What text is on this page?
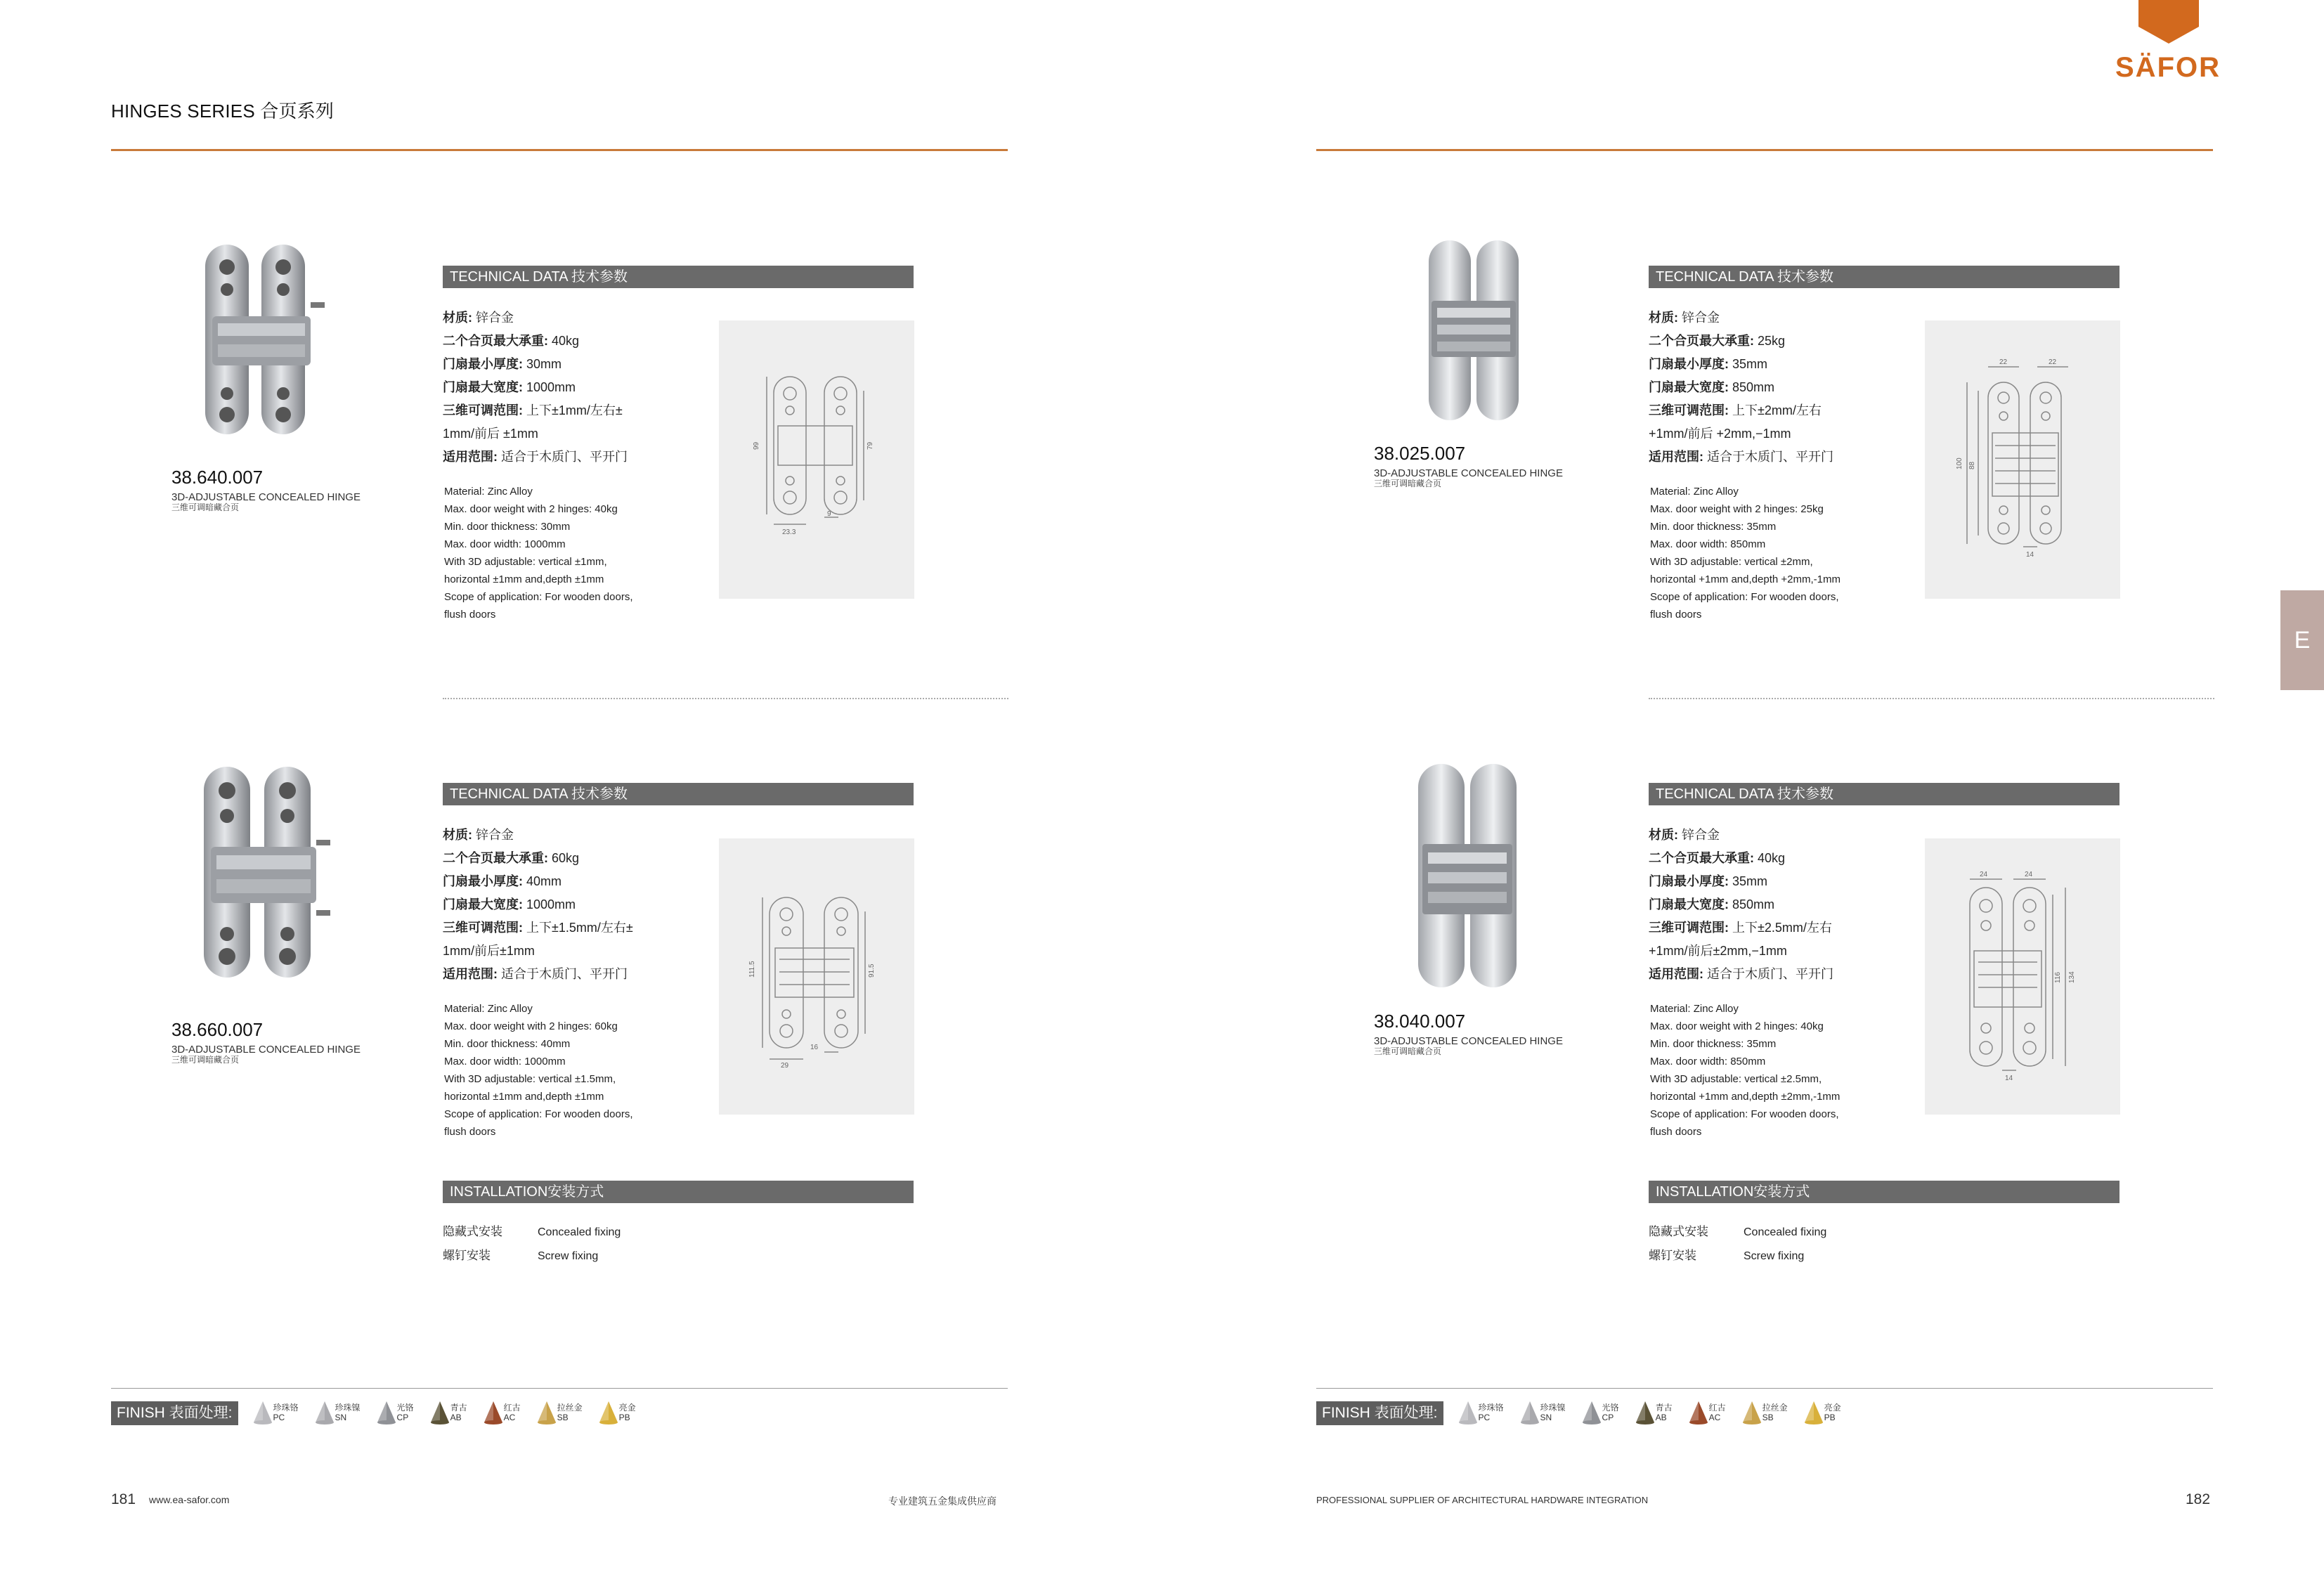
HINGES SERIES 合页系列
SÄFOR
E
38.640.007
3D-ADJUSTABLE CONCEALED HINGE
三维可调暗藏合页
TECHNICAL DATA 技术参数
材质: 锌合金
二个合页最大承重: 40kg
门扇最小厚度: 30mm
门扇最大宽度: 1000mm
三维可调范围: 上下±1mm/左右±
1mm/前后 ±1mm
适用范围: 适合于木质门、平开门
Material: Zinc Alloy
Max. door weight with 2 hinges: 40kg
Min. door thickness: 30mm
Max. door width: 1000mm
With 3D adjustable: vertical ±1mm,
horizontal ±1mm and,depth ±1mm
Scope of application: For wooden doors,
flush doors
99	79
9
23.3
38.660.007
3D-ADJUSTABLE CONCEALED HINGE
三维可调暗藏合页
TECHNICAL DATA 技术参数
材质: 锌合金
二个合页最大承重: 60kg
门扇最小厚度: 40mm
门扇最大宽度: 1000mm
三维可调范围: 上下±1.5mm/左右±
1mm/前后±1mm
适用范围: 适合于木质门、平开门
Material: Zinc Alloy
Max. door weight with 2 hinges: 60kg
Min. door thickness: 40mm
Max. door width: 1000mm
With 3D adjustable: vertical ±1.5mm,
horizontal ±1mm and,depth ±1mm
Scope of application: For wooden doors,
flush doors
111.5	91.5
16
29
INSTALLATION安装方式
隐藏式安装	Concealed fixing
螺钉安装	Screw fixing
38.025.007
3D-ADJUSTABLE CONCEALED HINGE
三维可调暗藏合页
TECHNICAL DATA 技术参数
材质: 锌合金
二个合页最大承重: 25kg
门扇最小厚度: 35mm
门扇最大宽度: 850mm
三维可调范围: 上下±2mm/左右
+1mm/前后 +2mm,−1mm
适用范围: 适合于木质门、平开门
Material: Zinc Alloy
Max. door weight with 2 hinges: 25kg
Min. door thickness: 35mm
Max. door width: 850mm
With 3D adjustable: vertical ±2mm,
horizontal +1mm and,depth +2mm,-1mm
Scope of application: For wooden doors,
flush doors
22	22
100 88
14
38.040.007
3D-ADJUSTABLE CONCEALED HINGE
三维可调暗藏合页
TECHNICAL DATA 技术参数
材质: 锌合金
二个合页最大承重: 40kg
门扇最小厚度: 35mm
门扇最大宽度: 850mm
三维可调范围: 上下±2.5mm/左右
+1mm/前后±2mm,−1mm
适用范围: 适合于木质门、平开门
Material: Zinc Alloy
Max. door weight with 2 hinges: 40kg
Min. door thickness: 35mm
Max. door width: 850mm
With 3D adjustable: vertical ±2.5mm,
horizontal +1mm and,depth ±2mm,-1mm
Scope of application: For wooden doors,
flush doors
24	24
116 134
14
INSTALLATION安装方式
隐藏式安装	Concealed fixing
螺钉安装	Screw fixing
FINISH 表面处理:	珍珠铬
PC珍珠镍
SN光铬
CP青古
AB红古
AC拉丝金
SB亮金
PB	FINISH 表面处理:	珍珠铬
PC珍珠镍
SN光铬
CP青古
AB红古
AC拉丝金
SB亮金
PB
181 www.ea-safor.com	专业建筑五金集成供应商	PROFESSIONAL SUPPLIER OF ARCHITECTURAL HARDWARE INTEGRATION	182
